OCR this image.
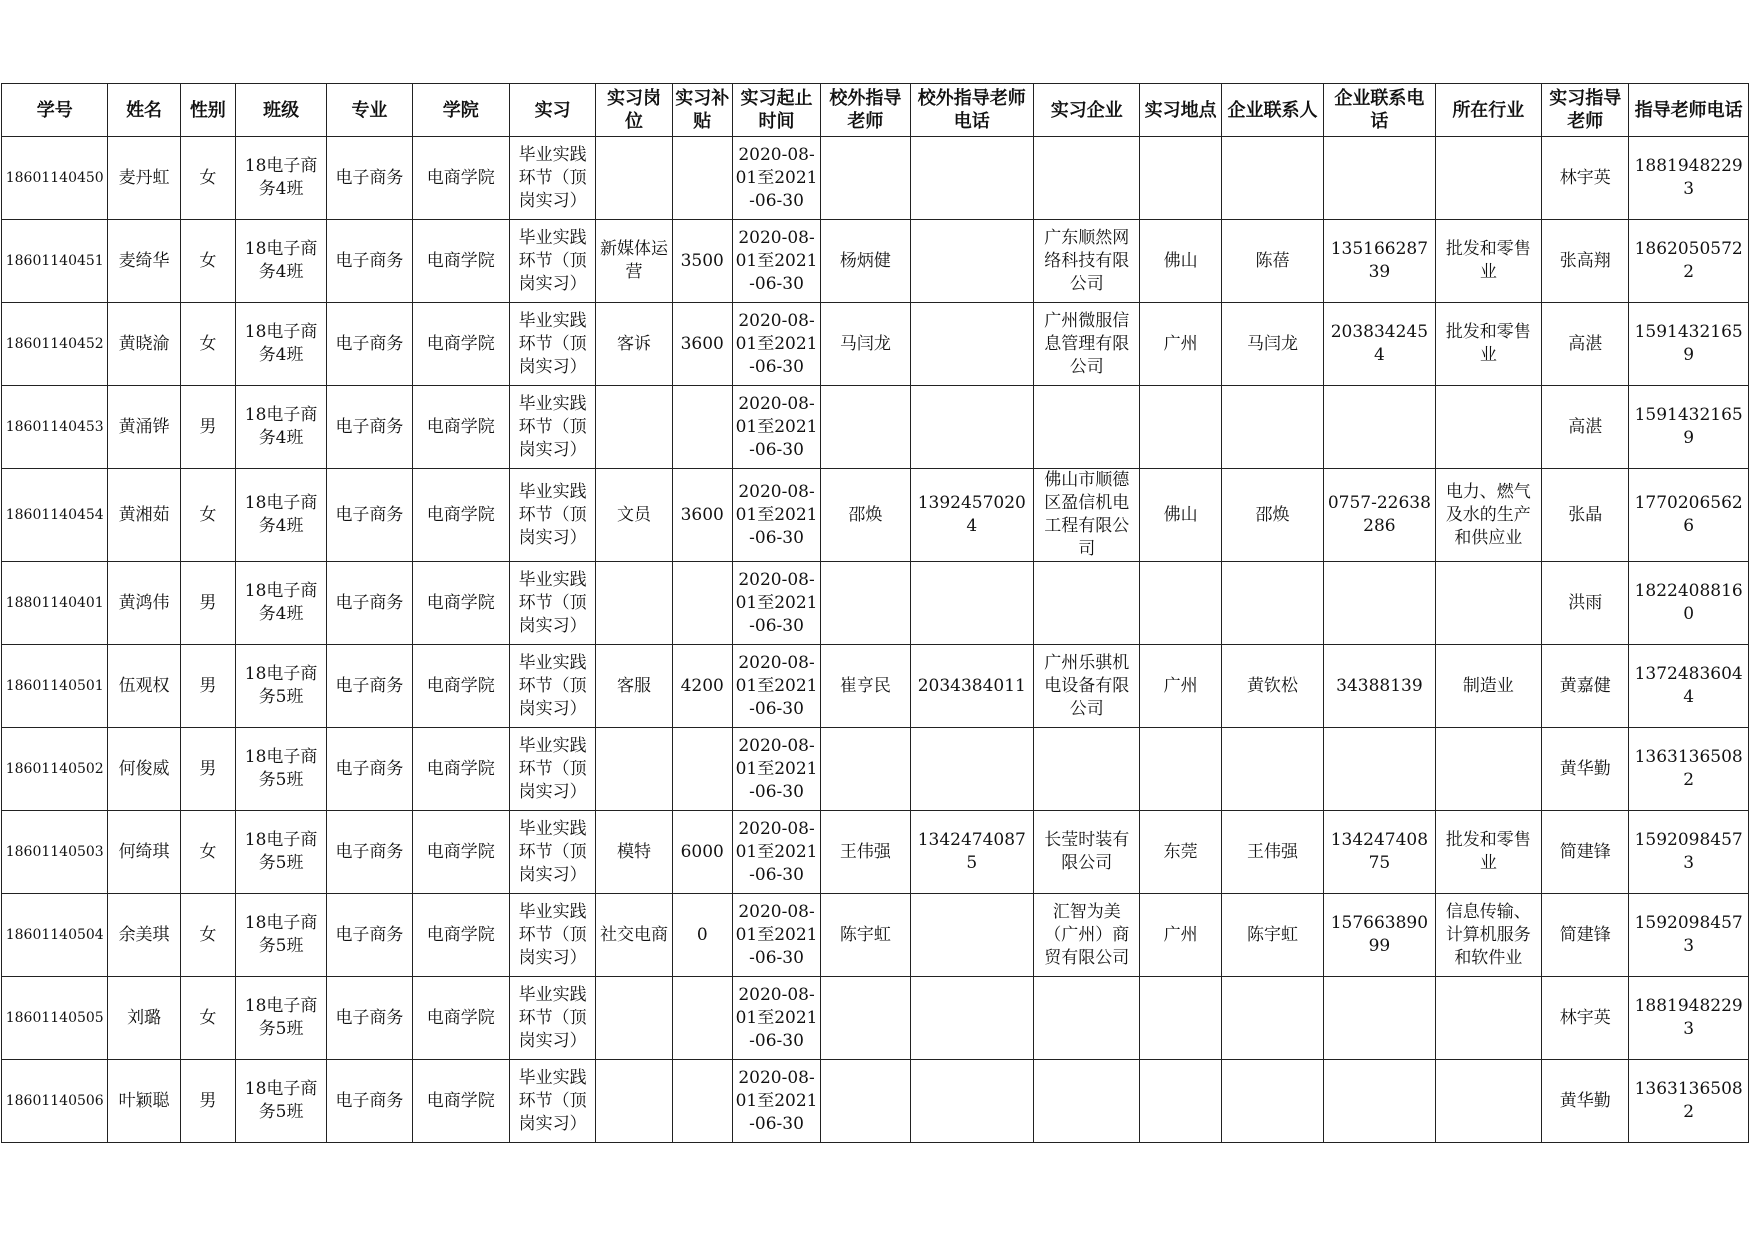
学号	姓名	性别	班级	专业	学院	实习	实习岗位	实习补贴	实习起止时间	校外指导老师	校外指导老师电话	实习企业	实习地点	企业联系人	企业联系电话	所在行业	实习指导老师	指导老师电话
18601140450	麦丹虹	女	18电子商务4班	电子商务	电商学院	毕业实践环节（顶岗实习）			2020-08-01至2021-06-30								林宇英	18819482293
18601140451	麦绮华	女	18电子商务4班	电子商务	电商学院	毕业实践环节（顶岗实习）	新媒体运营	3500	2020-08-01至2021-06-30	杨炳健		广东顺然网络科技有限公司	佛山	陈蓓	13516628739	批发和零售业	张高翔	18620505722
18601140452	黄晓渝	女	18电子商务4班	电子商务	电商学院	毕业实践环节（顶岗实习）	客诉	3600	2020-08-01至2021-06-30	马闫龙		广州微服信息管理有限公司	广州	马闫龙	2038342454	批发和零售业	高湛	15914321659
18601140453	黄涌铧	男	18电子商务4班	电子商务	电商学院	毕业实践环节（顶岗实习）			2020-08-01至2021-06-30								高湛	15914321659
18601140454	黄湘茹	女	18电子商务4班	电子商务	电商学院	毕业实践环节（顶岗实习）	文员	3600	2020-08-01至2021-06-30	邵焕	13924570204	佛山市顺德区盈信机电工程有限公司	佛山	邵焕	0757-22638286	电力、燃气及水的生产和供应业	张晶	17702065626
18801140401	黄鸿伟	男	18电子商务4班	电子商务	电商学院	毕业实践环节（顶岗实习）			2020-08-01至2021-06-30								洪雨	18224088160
18601140501	伍观权	男	18电子商务5班	电子商务	电商学院	毕业实践环节（顶岗实习）	客服	4200	2020-08-01至2021-06-30	崔亨民	2034384011	广州乐骐机电设备有限公司	广州	黄钦松	34388139	制造业	黄嘉健	13724836044
18601140502	何俊威	男	18电子商务5班	电子商务	电商学院	毕业实践环节（顶岗实习）			2020-08-01至2021-06-30								黄华勤	13631365082
18601140503	何绮琪	女	18电子商务5班	电子商务	电商学院	毕业实践环节（顶岗实习）	模特	6000	2020-08-01至2021-06-30	王伟强	13424740875	长莹时装有限公司	东莞	王伟强	13424740875	批发和零售业	简建锋	15920984573
18601140504	余美琪	女	18电子商务5班	电子商务	电商学院	毕业实践环节（顶岗实习）	社交电商	0	2020-08-01至2021-06-30	陈宇虹		汇智为美（广州）商贸有限公司	广州	陈宇虹	15766389099	信息传输、计算机服务和软件业	简建锋	15920984573
18601140505	刘璐	女	18电子商务5班	电子商务	电商学院	毕业实践环节（顶岗实习）			2020-08-01至2021-06-30								林宇英	18819482293
18601140506	叶颖聪	男	18电子商务5班	电子商务	电商学院	毕业实践环节（顶岗实习）			2020-08-01至2021-06-30								黄华勤	13631365082
